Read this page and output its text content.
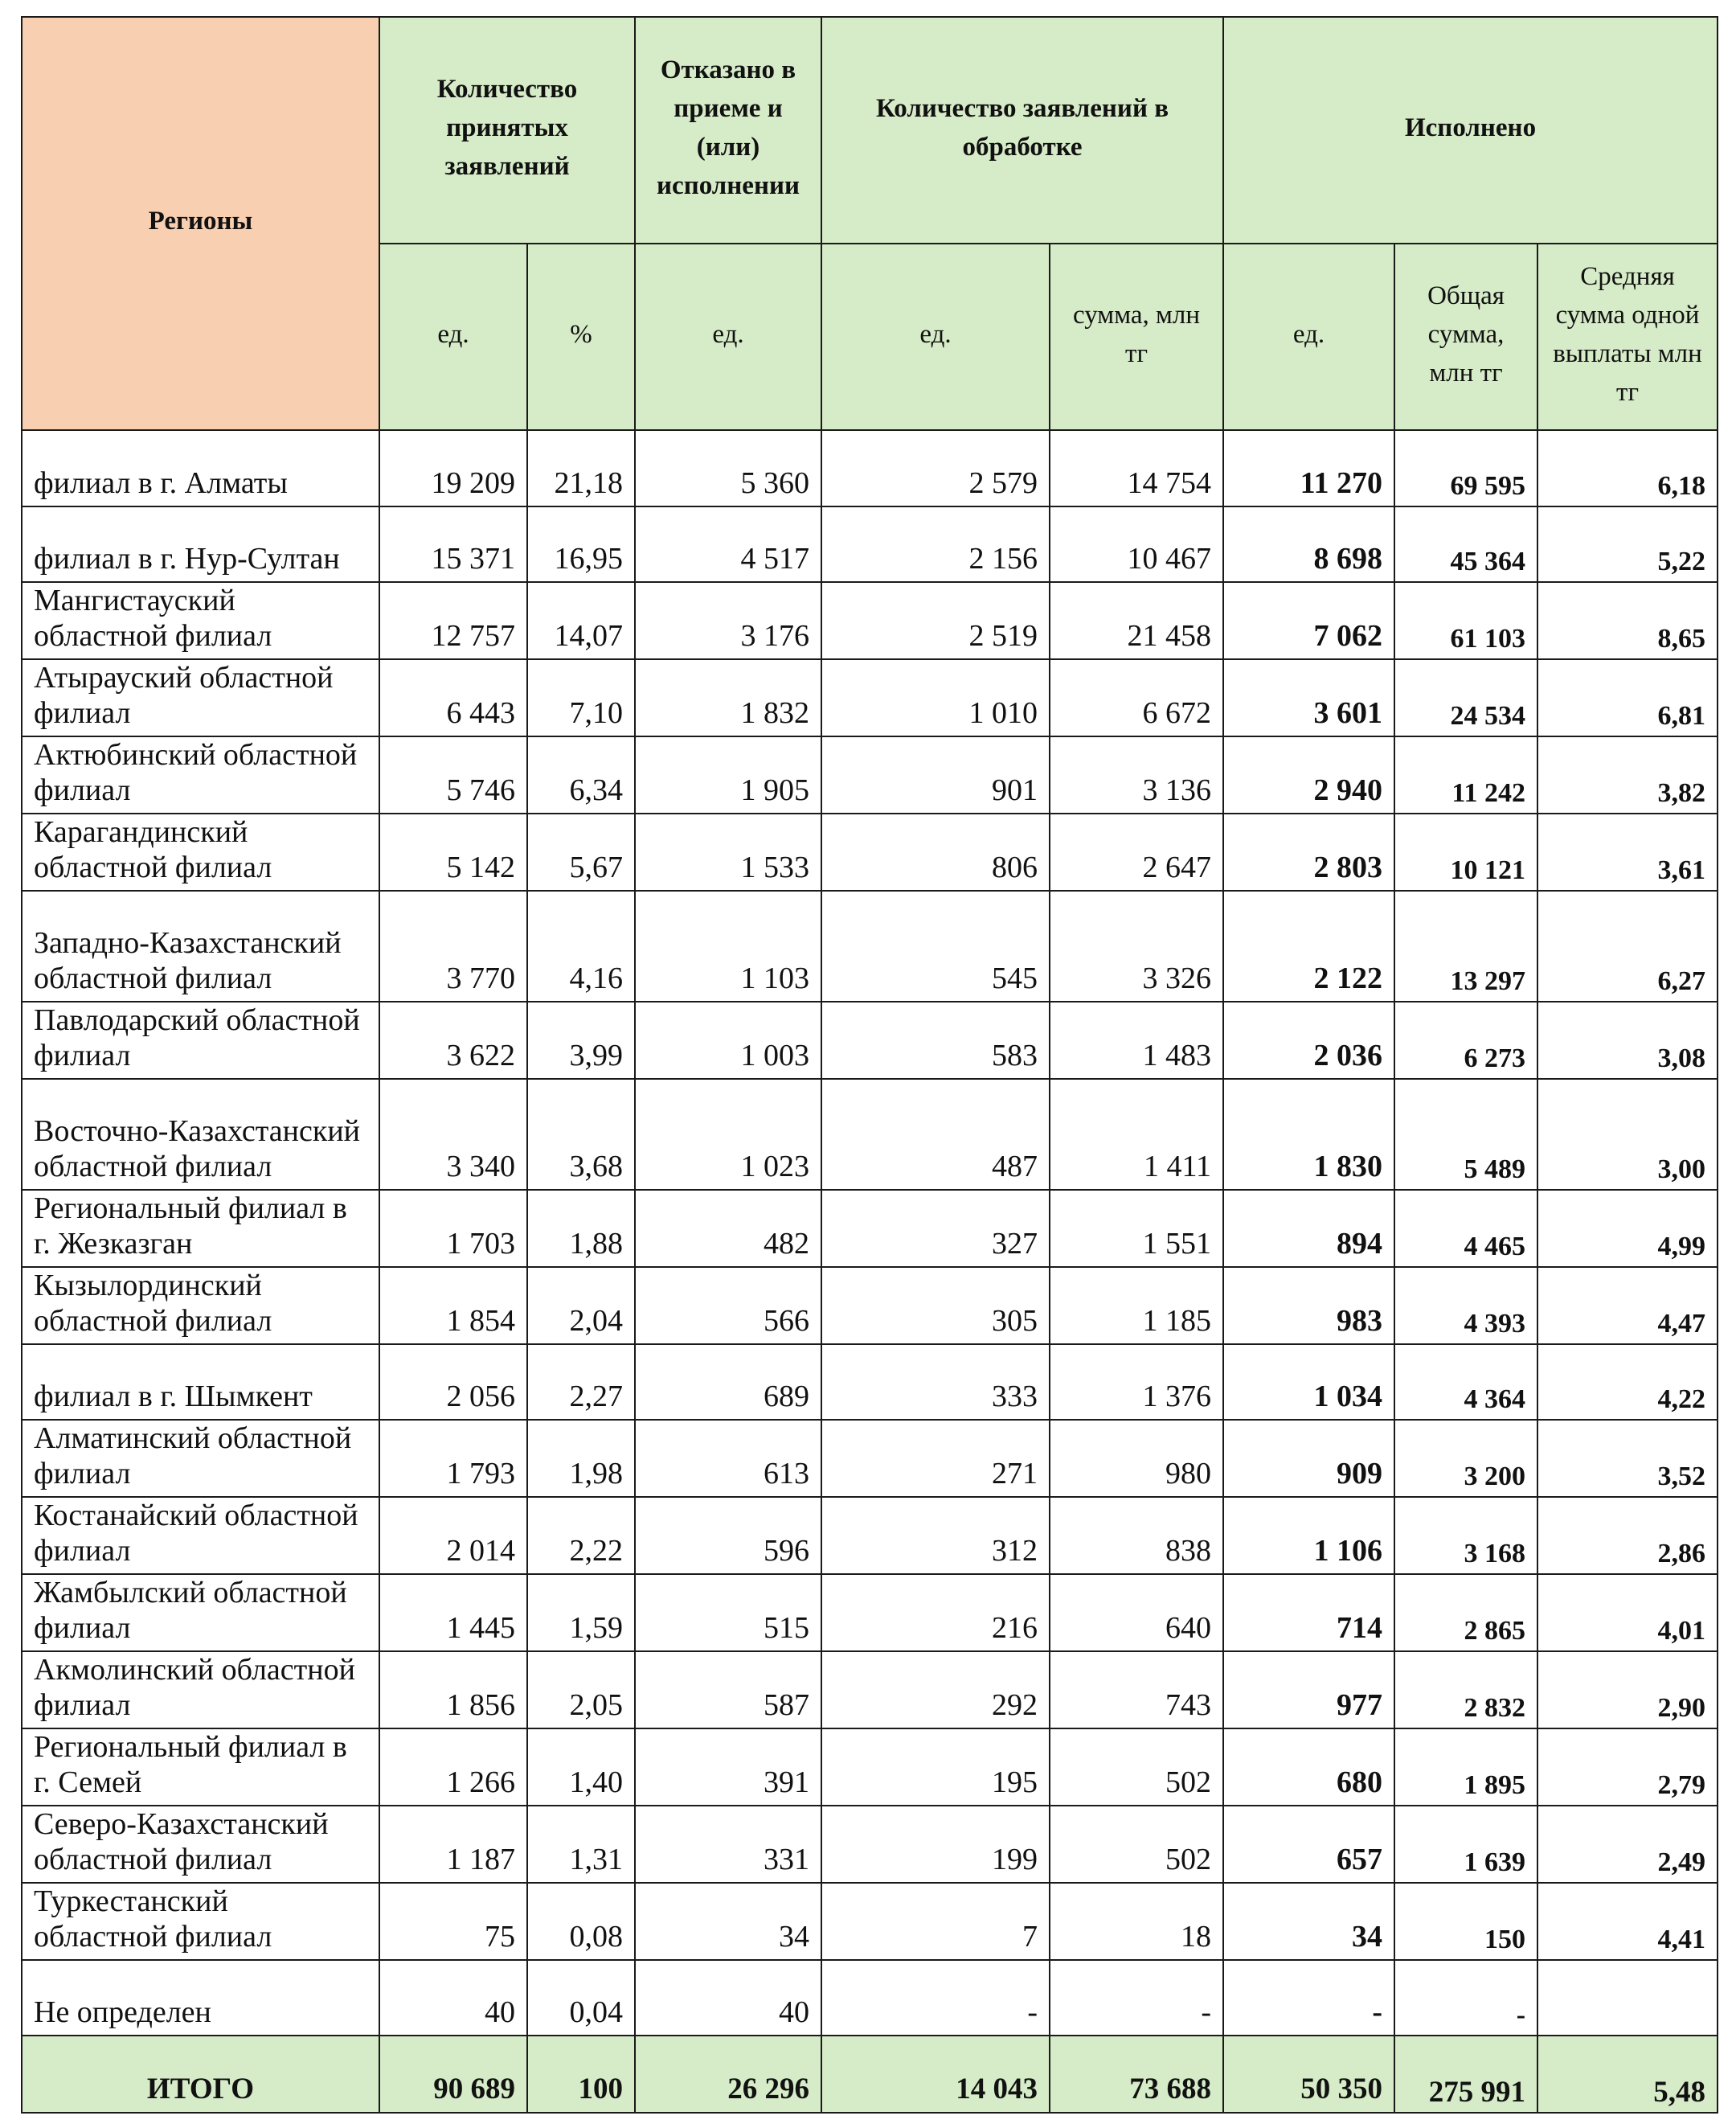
Регионы	Количество принятых заявлений		Отказано в приеме и (или) исполнении	Количество заявлений в обработке		Исполнено		
	ед.	%	ед.	ед.	сумма, млн тг	ед.	Общая сумма, млн тг	Средняя сумма одной выплаты млн тг
филиал в г. Алматы	19 209	21,18	5 360	2 579	14 754	11 270	69 595	6,18
филиал в г. Нур-Султан	15 371	16,95	4 517	2 156	10 467	8 698	45 364	5,22
Мангистауский областной филиал	12 757	14,07	3 176	2 519	21 458	7 062	61 103	8,65
Атырауский областной филиал	6 443	7,10	1 832	1 010	6 672	3 601	24 534	6,81
Актюбинский областной филиал	5 746	6,34	1 905	901	3 136	2 940	11 242	3,82
Карагандинский областной филиал	5 142	5,67	1 533	806	2 647	2 803	10 121	3,61
Западно-Казахстанский областной филиал	3 770	4,16	1 103	545	3 326	2 122	13 297	6,27
Павлодарский областной филиал	3 622	3,99	1 003	583	1 483	2 036	6 273	3,08
Восточно-Казахстанский областной филиал	3 340	3,68	1 023	487	1 411	1 830	5 489	3,00
Региональный филиал в г. Жезказган	1 703	1,88	482	327	1 551	894	4 465	4,99
Кызылординский областной филиал	1 854	2,04	566	305	1 185	983	4 393	4,47
филиал в г. Шымкент	2 056	2,27	689	333	1 376	1 034	4 364	4,22
Алматинский областной филиал	1 793	1,98	613	271	980	909	3 200	3,52
Костанайский областной филиал	2 014	2,22	596	312	838	1 106	3 168	2,86
Жамбылский областной филиал	1 445	1,59	515	216	640	714	2 865	4,01
Акмолинский областной филиал	1 856	2,05	587	292	743	977	2 832	2,90
Региональный филиал в г. Семей	1 266	1,40	391	195	502	680	1 895	2,79
Северо-Казахстанский областной филиал	1 187	1,31	331	199	502	657	1 639	2,49
Туркестанский областной филиал	75	0,08	34	7	18	34	150	4,41
Не определен	40	0,04	40	-	-	-	-	
ИТОГО	90 689	100	26 296	14 043	73 688	50 350	275 991	5,48
